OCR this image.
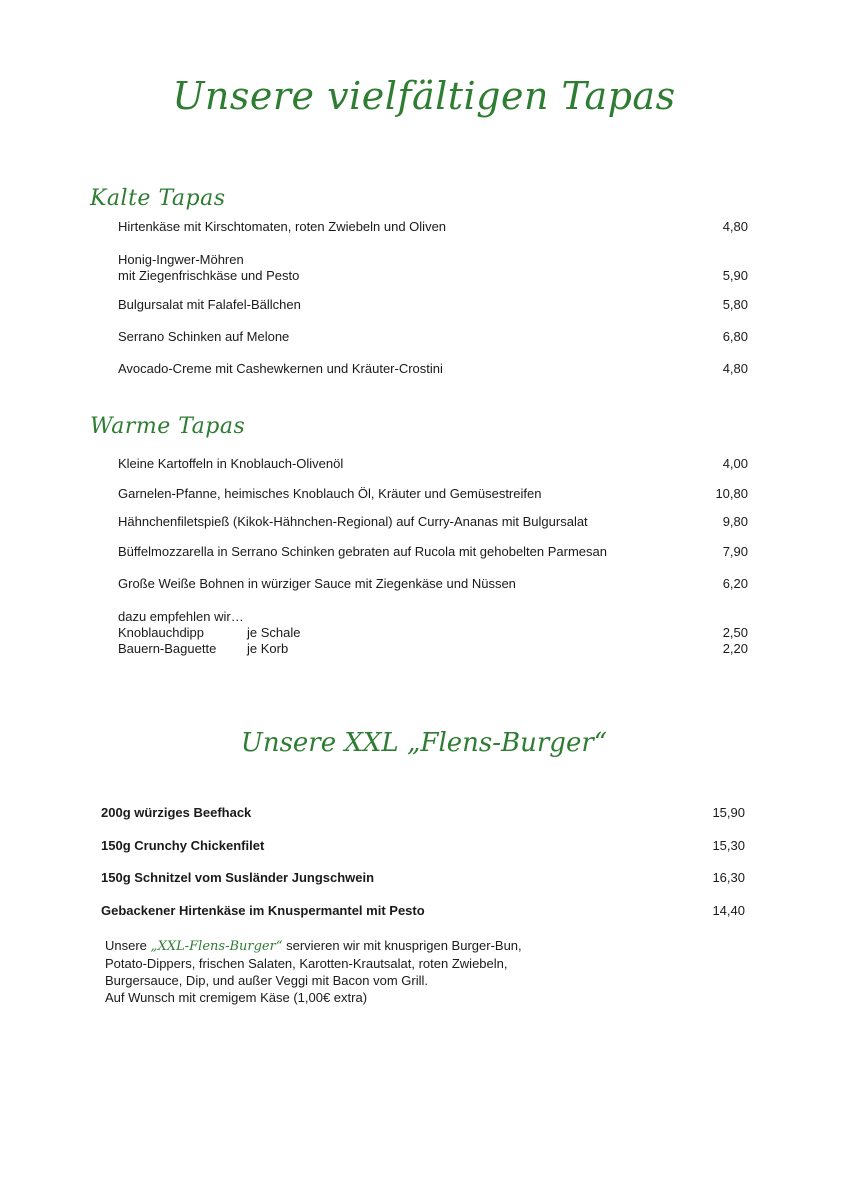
Unsere vielfältigen Tapas
Kalte Tapas
Hirtenkäse mit Kirschtomaten, roten Zwiebeln und Oliven	4,80
Honig-Ingwer-Möhren
mit Ziegenfrischkäse und Pesto	5,90
Bulgursalat mit Falafel-Bällchen	5,80
Serrano Schinken auf Melone	6,80
Avocado-Creme mit Cashewkernen und Kräuter-Crostini	4,80
Warme Tapas
Kleine Kartoffeln in Knoblauch-Olivenöl	4,00
Garnelen-Pfanne, heimisches Knoblauch Öl, Kräuter und Gemüsestreifen	10,80
Hähnchenfiletspieß (Kikok-Hähnchen-Regional) auf Curry-Ananas mit Bulgursalat	9,80
Büffelmozzarella in Serrano Schinken gebraten auf Rucola mit gehobelten Parmesan	7,90
Große Weiße Bohnen in würziger Sauce mit Ziegenkäse und Nüssen	6,20
dazu empfehlen wir…
Knoblauchdipp	je Schale	2,50
Bauern-Baguette je Korb	2,20
Unsere XXL „Flens-Burger“
200g würziges Beefhack	15,90
150g Crunchy Chickenfilet	15,30
150g Schnitzel vom Susländer Jungschwein	16,30
Gebackener Hirtenkäse im Knuspermantel mit Pesto	14,40
Unsere „XXL-Flens-Burger“ servieren wir mit knusprigen Burger-Bun,
Potato-Dippers, frischen Salaten, Karotten-Krautsalat, roten Zwiebeln,
Burgersauce, Dip, und außer Veggi mit Bacon vom Grill.
Auf Wunsch mit cremigem Käse (1,00€ extra)
